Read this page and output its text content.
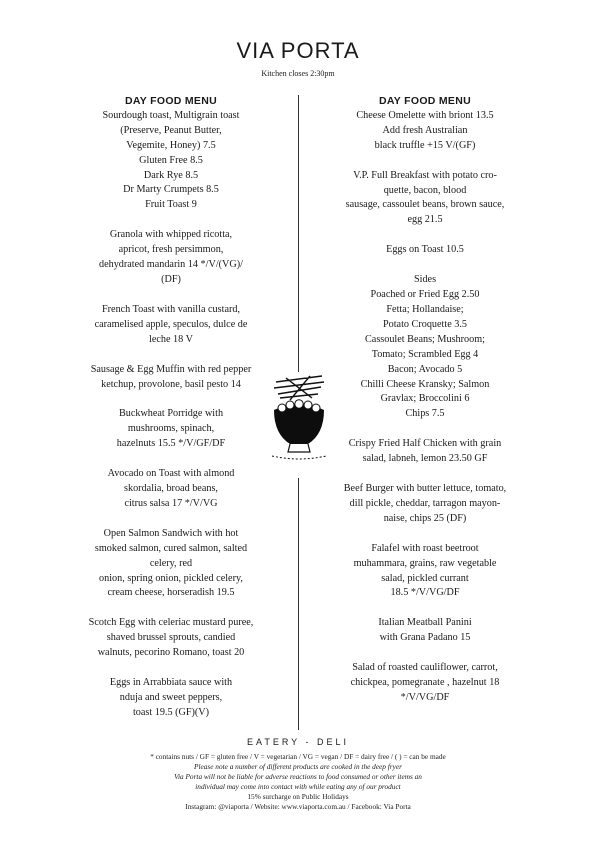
VIA PORTA
Kitchen closes 2:30pm
DAY FOOD MENU
Sourdough toast, Multigrain toast
(Preserve, Peanut Butter,
Vegemite, Honey) 7.5
Gluten Free 8.5
Dark Rye 8.5
Dr Marty Crumpets 8.5
Fruit Toast 9
Granola with whipped ricotta,
apricot, fresh persimmon,
dehydrated mandarin 14 */V/(VG)/
(DF)
French Toast with vanilla custard,
caramelised apple, speculos, dulce de
leche 18 V
Sausage & Egg Muffin with red pepper
ketchup, provolone, basil pesto 14
Buckwheat Porridge with
mushrooms, spinach,
hazelnuts 15.5 */V/GF/DF
Avocado on Toast with almond
skordalia, broad beans,
citrus salsa 17 */V/VG
Open Salmon Sandwich with hot
smoked salmon, cured salmon, salted
celery, red
onion, spring onion, pickled celery,
cream cheese, horseradish 19.5
Scotch Egg with celeriac mustard puree,
shaved brussel sprouts, candied
walnuts, pecorino Romano, toast 20
Eggs in Arrabbiata sauce with
nduja and sweet peppers,
toast 19.5 (GF)(V)
DAY FOOD MENU
Cheese Omelette with briont 13.5
Add fresh Australian
black truffle +15 V/(GF)
V.P. Full Breakfast with potato cro-
quette, bacon, blood
sausage, cassoulet beans, brown sauce,
egg 21.5
Eggs on Toast 10.5
Sides
Poached or Fried Egg 2.50
Fetta; Hollandaise;
Potato Croquette 3.5
Cassoulet Beans; Mushroom;
Tomato; Scrambled Egg 4
Bacon; Avocado 5
Chilli Cheese Kransky; Salmon
Gravlax; Broccolini 6
Chips 7.5
Crispy Fried Half Chicken with grain
salad, labneh, lemon 23.50 GF
Beef Burger with butter lettuce, tomato,
dill pickle, cheddar, tarragon mayon-
naise, chips 25 (DF)
Falafel with roast beetroot
muhammara, grains, raw vegetable
salad, pickled currant
18.5 */V/VG/DF
Italian Meatball Panini
with Grana Padano 15
Salad of roasted cauliflower, carrot,
chickpea, pomegranate , hazelnut 18
*/V/VG/DF
EATERY - DELI
* contains nuts / GF = gluten free / V = vegetarian / VG = vegan / DF = dairy free / ( ) = can be made
Please note a number of different products are cooked in the deep fryer
Via Porta will not be liable for adverse reactions to food consumed or other items an
individual may come into contact with while eating any of our product
15% surcharge on Public Holidays
Instagram: @viaporta / Website: www.viaporta.com.au / Facebook: Via Porta
